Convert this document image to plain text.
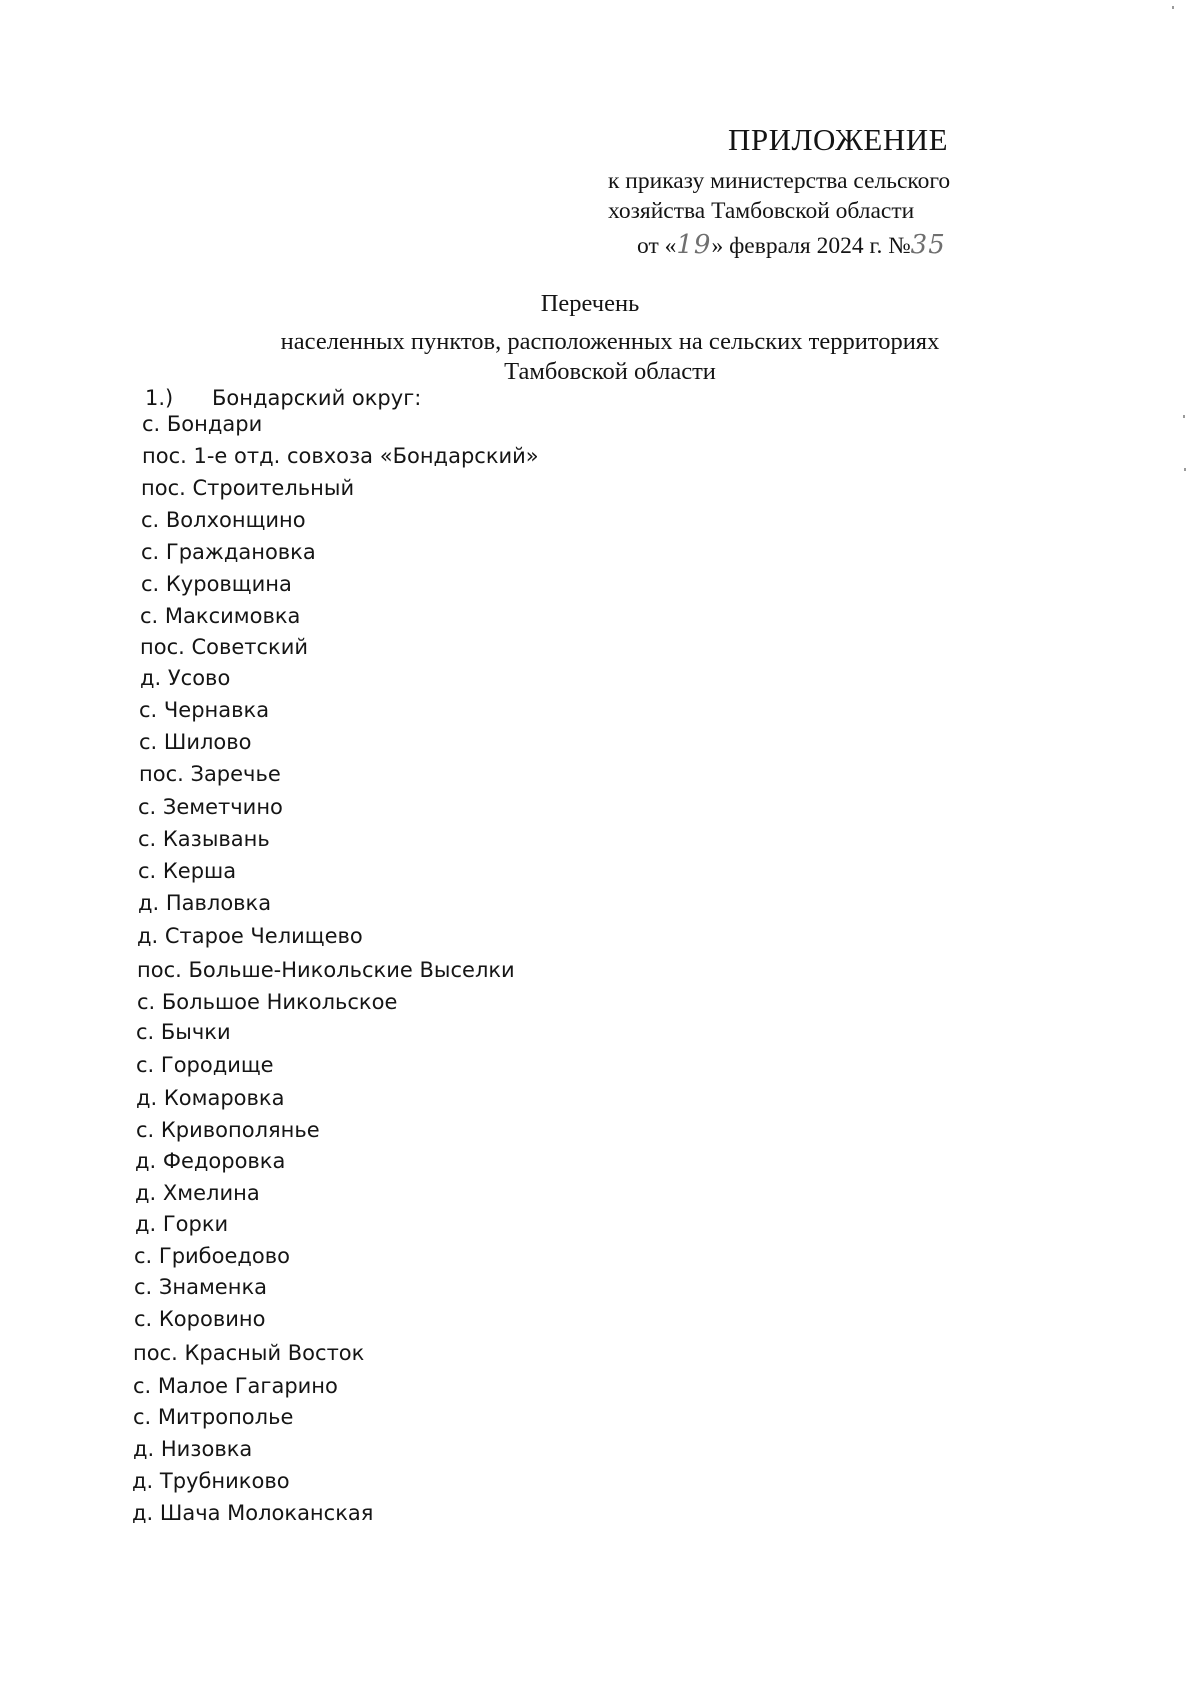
ПРИЛОЖЕНИЕ
к приказу министерства сельского
хозяйства Тамбовской области
от «19» февраля 2024 г. №35
Перечень
населенных пунктов, расположенных на сельских территориях
Тамбовской области
1.) Бондарский округ:
с. Бондари
пос. 1-е отд. совхоза «Бондарский»
пос. Строительный
с. Волхонщино
с. Граждановка
с. Куровщина
с. Максимовка
пос. Советский
д. Усово
с. Чернавка
с. Шилово
пос. Заречье
с. Земетчино
с. Казывань
с. Керша
д. Павловка
д. Старое Челищево
пос. Больше-Никольские Выселки
с. Большое Никольское
с. Бычки
с. Городище
д. Комаровка
с. Кривополянье
д. Федоровка
д. Хмелина
д. Горки
с. Грибоедово
с. Знаменка
с. Коровино
пос. Красный Восток
с. Малое Гагарино
с. Митрополье
д. Низовка
д. Трубниково
д. Шача Молоканская
